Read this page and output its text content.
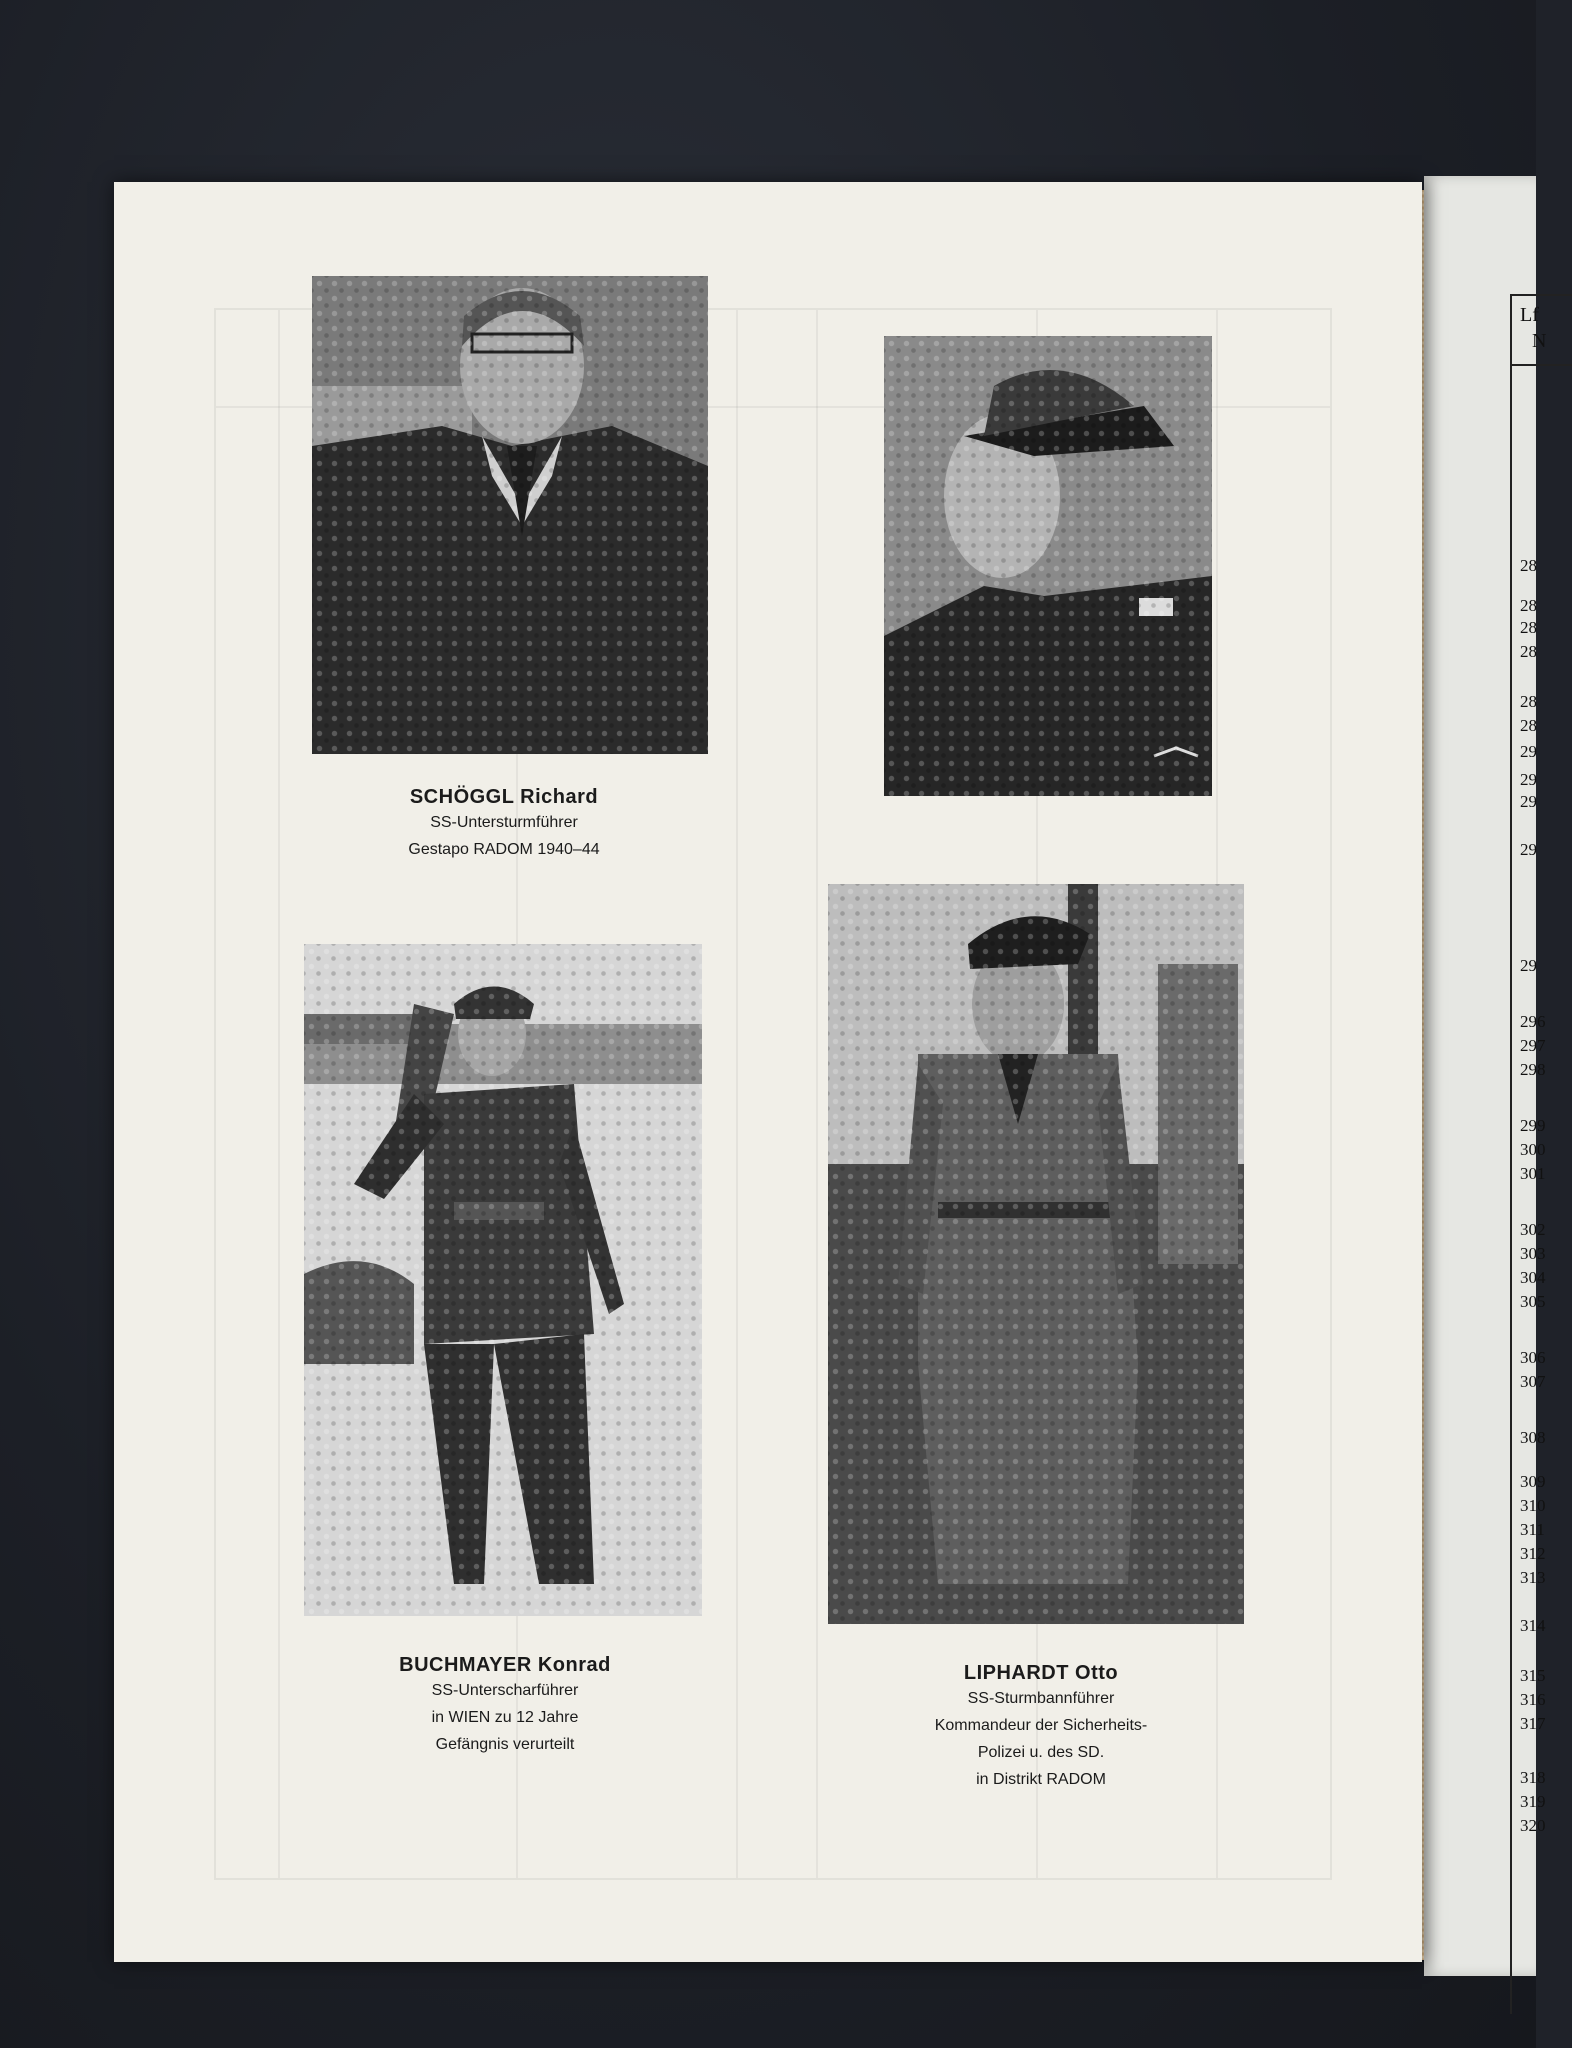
Lf
N
28
28
28
28
28
28
29
29
29
29
29
296
297
298
299
300
301
302
303
304
305
306
307
308
309
310
311
312
313
314
315
316
317
318
319
320
SCHÖGGL Richard
SS-Untersturmführer
Gestapo RADOM 1940–44
BUCHMAYER Konrad
SS-Unterscharführer
in WIEN zu 12 Jahre
Gefängnis verurteilt
LIPHARDT Otto
SS-Sturmbannführer
Kommandeur der Sicherheits-
Polizei u. des SD.
in Distrikt RADOM
